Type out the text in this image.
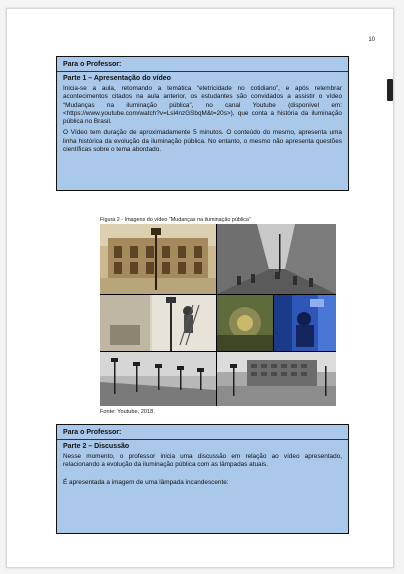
10
Para o Professor:
Parte 1 – Apresentação do vídeo

Inicia-se a aula, retomando a temática “eletricidade no cotidiano”, e após relembrar acontecimentos citados na aula anterior, os estudantes são convidados a assistir o vídeo “Mudanças na iluminação pública”, no canal Youtube (disponível em: <https://www.youtube.com/watch?v=Lsl4nzGSbqM&t=20s>), que conta a história da iluminação pública no Brasil.

O Vídeo tem duração de aproximadamente 5 minutos. O conteúdo do mesmo, apresenta uma linha histórica da evolução da iluminação pública. No entanto, o mesmo não apresenta questões científicas sobre o tema abordado.

Figura 2 - Imagens do vídeo “Mudanças na iluminação pública”
Fonte: Youtube, 2018.
Para o Professor:
Parte 2 – Discussão

Nesse momento, o professor inicia uma discussão em relação ao vídeo apresentado, relacionando a evolução da iluminação pública com as lâmpadas atuais.

É apresentada a imagem de uma lâmpada incandescente:
